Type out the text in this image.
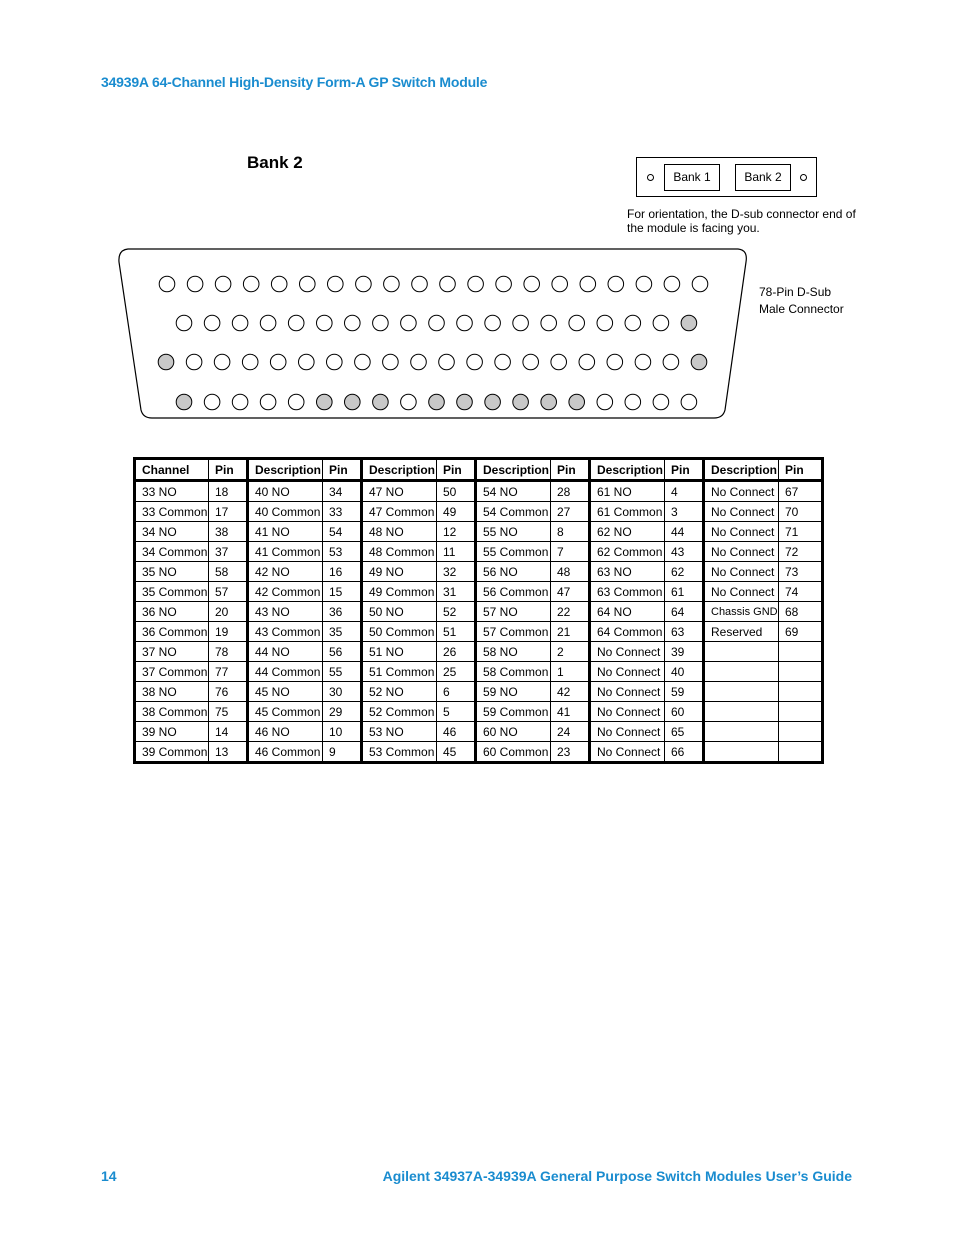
34939A 64-Channel High-Density Form-A GP Switch Module
Bank 2
Bank 1	Bank 2
For orientation, the D-sub connector end of the module is facing you.
78-Pin D-Sub
Male Connector
Channel	Pin	Description	Pin	Description	Pin	Description	Pin	Description	Pin	Description	Pin
33 NO	18	40 NO	34	47 NO	50	54 NO	28	61 NO	4	No Connect	67
33 Common	17	40 Common	33	47 Common	49	54 Common	27	61 Common	3	No Connect	70
34 NO	38	41 NO	54	48 NO	12	55 NO	8	62 NO	44	No Connect	71
34 Common	37	41 Common	53	48 Common	11	55 Common	7	62 Common	43	No Connect	72
35 NO	58	42 NO	16	49 NO	32	56 NO	48	63 NO	62	No Connect	73
35 Common	57	42 Common	15	49 Common	31	56 Common	47	63 Common	61	No Connect	74
36 NO	20	43 NO	36	50 NO	52	57 NO	22	64 NO	64	Chassis GND	68
36 Common	19	43 Common	35	50 Common	51	57 Common	21	64 Common	63	Reserved	69
37 NO	78	44 NO	56	51 NO	26	58 NO	2	No Connect	39		
37 Common	77	44 Common	55	51 Common	25	58 Common	1	No Connect	40		
38 NO	76	45 NO	30	52 NO	6	59 NO	42	No Connect	59		
38 Common	75	45 Common	29	52 Common	5	59 Common	41	No Connect	60		
39 NO	14	46 NO	10	53 NO	46	60 NO	24	No Connect	65		
39 Common	13	46 Common	9	53 Common	45	60 Common	23	No Connect	66		
14	Agilent 34937A-34939A General Purpose Switch Modules User’s Guide
